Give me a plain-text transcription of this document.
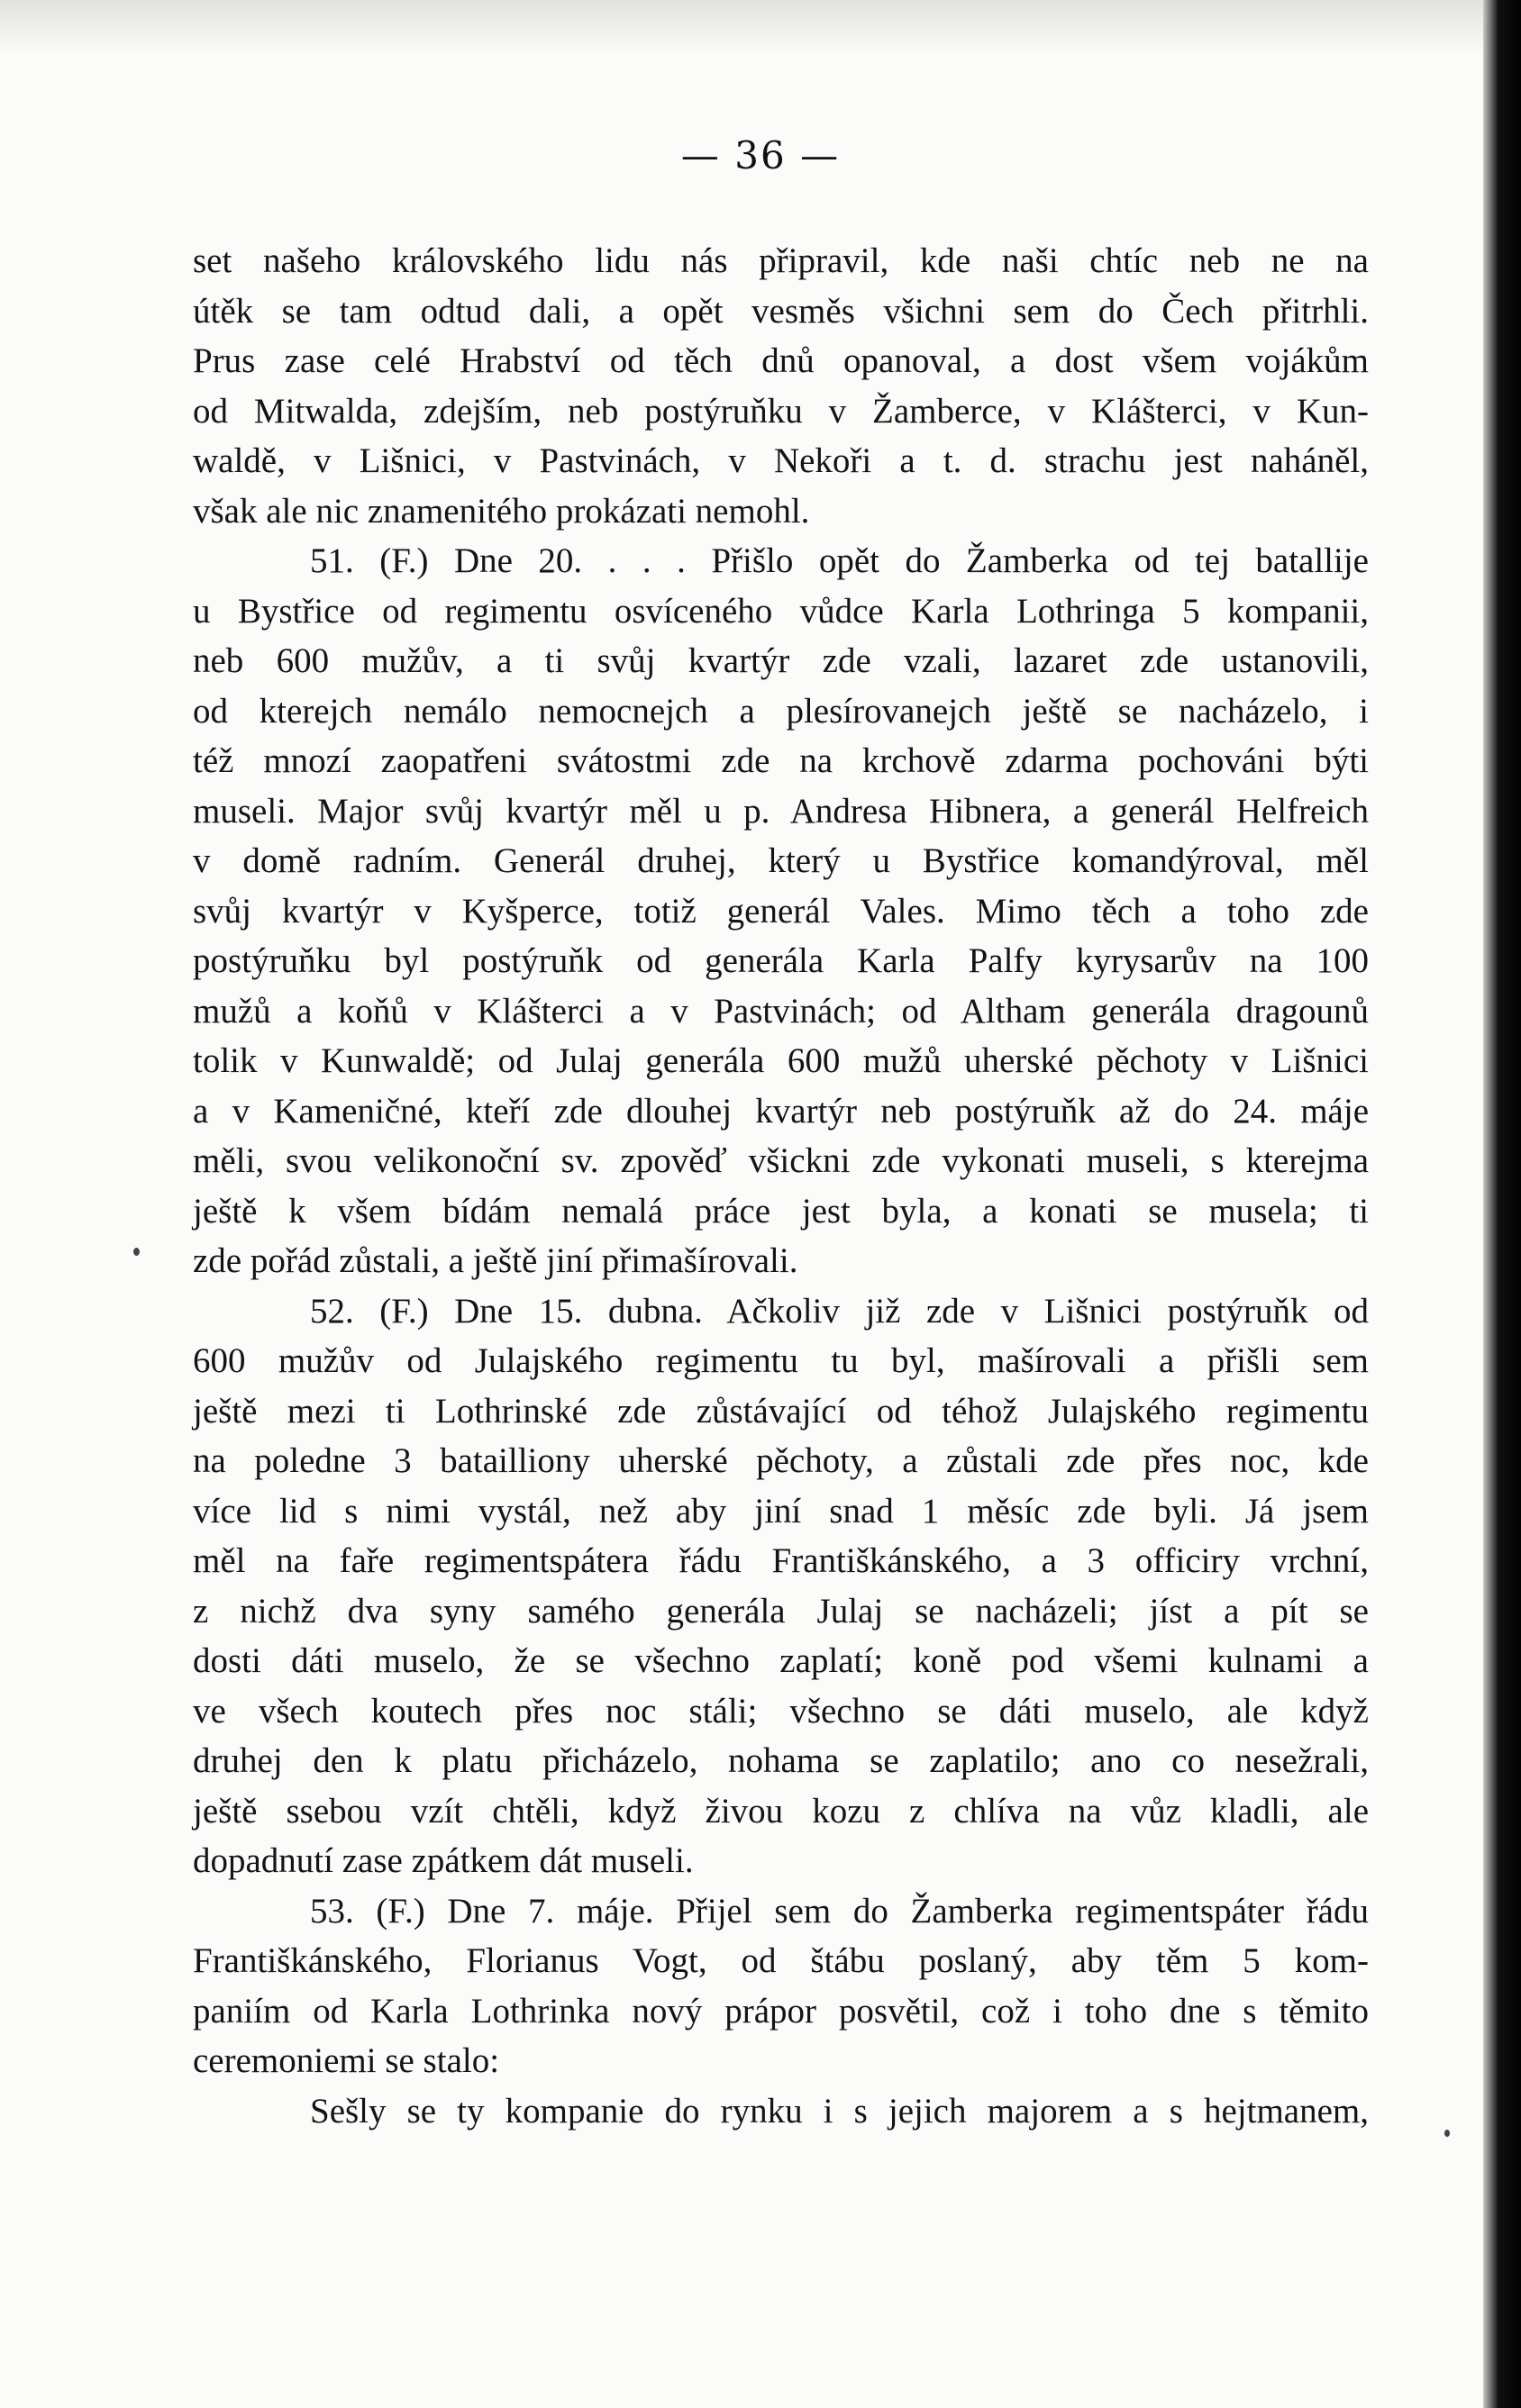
— 36 —
set našeho královského lidu nás připravil, kde naši chtíc neb ne na
útěk se tam odtud dali, a opět vesměs všichni sem do Čech přitrhli.
Prus zase celé Hrabství od těch dnů opanoval, a dost všem vojákům
od Mitwalda, zdejším, neb postýruňku v Žamberce, v Klášterci, v Kun-
waldě, v Lišnici, v Pastvinách, v Nekoři a t. d. strachu jest naháněl,
však ale nic znamenitého prokázati nemohl.
51. (F.) Dne 20. . . . Přišlo opět do Žamberka od tej batallije
u Bystřice od regimentu osvíceného vůdce Karla Lothringa 5 kompanii,
neb 600 mužův, a ti svůj kvartýr zde vzali, lazaret zde ustanovili,
od kterejch nemálo nemocnejch a plesírovanejch ještě se nacházelo, i
též mnozí zaopatřeni svátostmi zde na krchově zdarma pochováni býti
museli. Major svůj kvartýr měl u p. Andresa Hibnera, a generál Helfreich
v domě radním. Generál druhej, který u Bystřice komandýroval, měl
svůj kvartýr v Kyšperce, totiž generál Vales. Mimo těch a toho zde
postýruňku byl postýruňk od generála Karla Palfy kyrysarův na 100
mužů a koňů v Klášterci a v Pastvinách; od Altham generála dragounů
tolik v Kunwaldě; od Julaj generála 600 mužů uherské pěchoty v Lišnici
a v Kameničné, kteří zde dlouhej kvartýr neb postýruňk až do 24. máje
měli, svou velikonoční sv. zpověď všickni zde vykonati museli, s kterejma
ještě k všem bídám nemalá práce jest byla, a konati se musela; ti
zde pořád zůstali, a ještě jiní přimašírovali.
52. (F.) Dne 15. dubna. Ačkoliv již zde v Lišnici postýruňk od
600 mužův od Julajského regimentu tu byl, mašírovali a přišli sem
ještě mezi ti Lothrinské zde zůstávající od téhož Julajského regimentu
na poledne 3 batailliony uherské pěchoty, a zůstali zde přes noc, kde
více lid s nimi vystál, než aby jiní snad 1 měsíc zde byli. Já jsem
měl na faře regimentspátera řádu Františkánského, a 3 officiry vrchní,
z nichž dva syny samého generála Julaj se nacházeli; jíst a pít se
dosti dáti muselo, že se všechno zaplatí; koně pod všemi kulnami a
ve všech koutech přes noc stáli; všechno se dáti muselo, ale když
druhej den k platu přicházelo, nohama se zaplatilo; ano co nesežrali,
ještě ssebou vzít chtěli, když živou kozu z chlíva na vůz kladli, ale
dopadnutí zase zpátkem dát museli.
53. (F.) Dne 7. máje. Přijel sem do Žamberka regimentspáter řádu
Františkánského, Florianus Vogt, od štábu poslaný, aby těm 5 kom-
paniím od Karla Lothrinka nový prápor posvětil, což i toho dne s těmito
ceremoniemi se stalo:
Sešly se ty kompanie do rynku i s jejich majorem a s hejtmanem,
